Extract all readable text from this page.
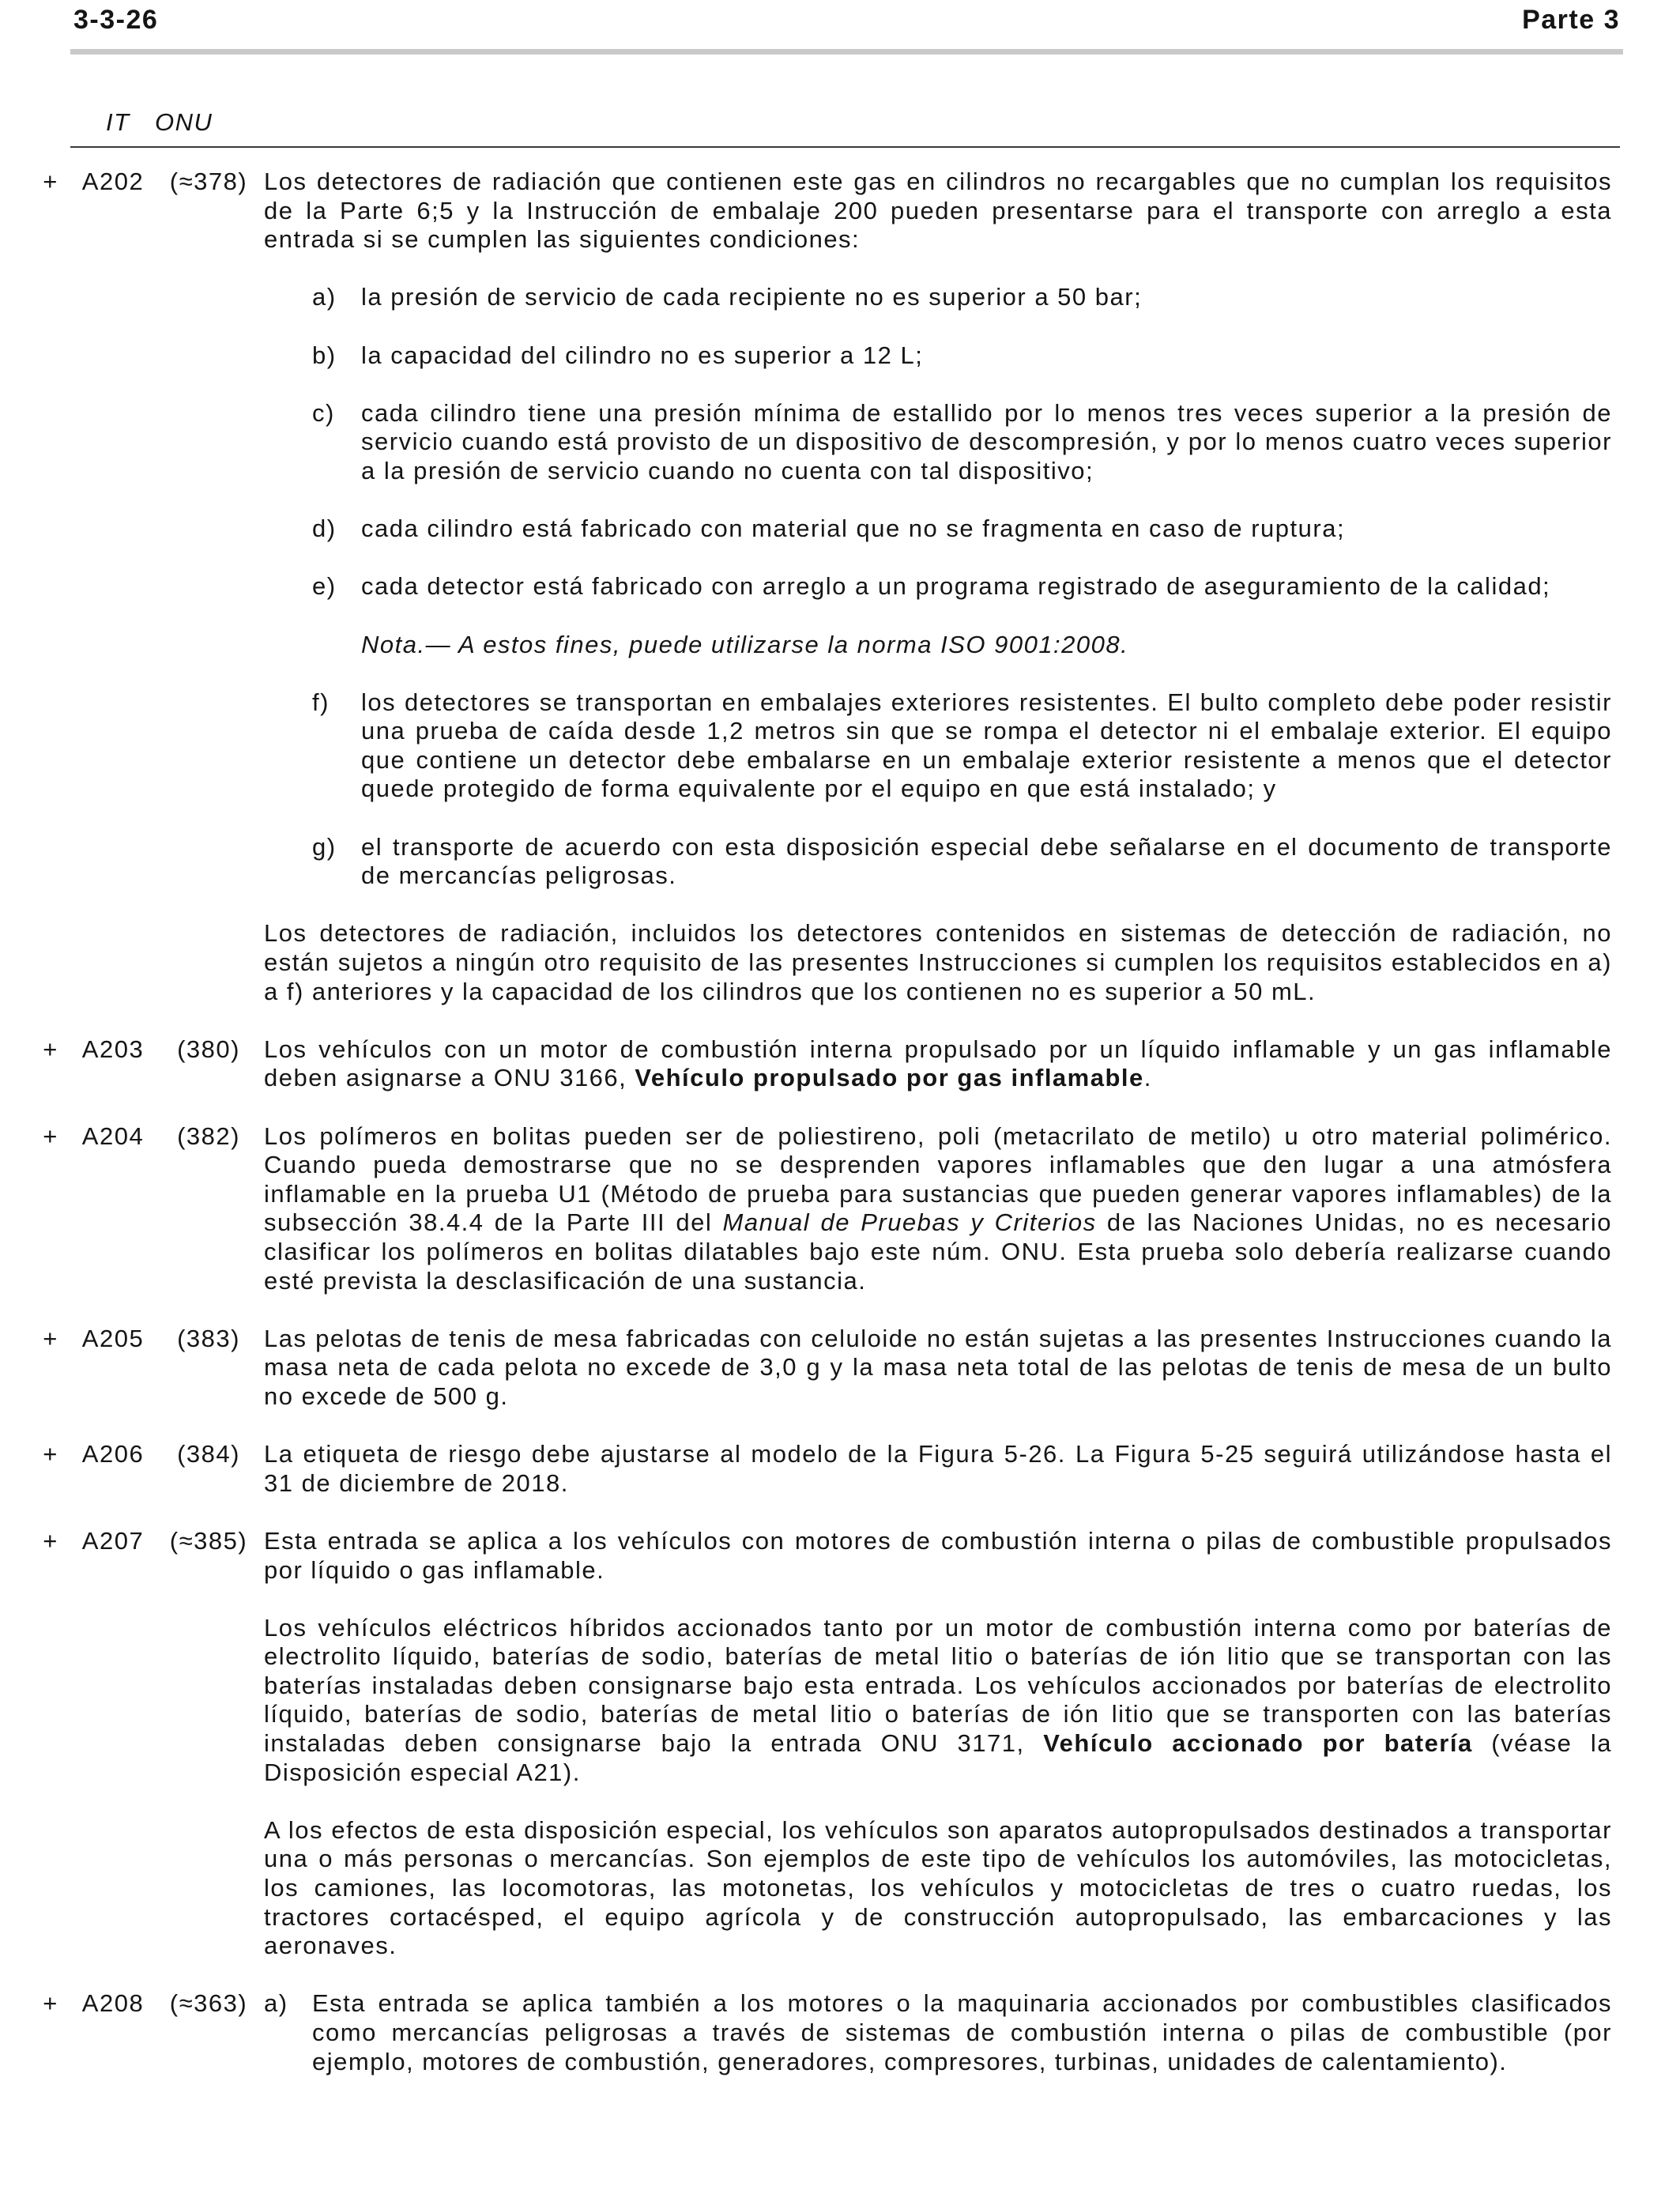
3-3-26	Parte 3
IT ONU
+ A202 (≈378) Los detectores de radiación que contienen este gas en cilindros no recargables que no cumplan los requisitos de la Parte 6;5 y la Instrucción de embalaje 200 pueden presentarse para el transporte con arreglo a esta entrada si se cumplen las siguientes condiciones:

a) la presión de servicio de cada recipiente no es superior a 50 bar;

b) la capacidad del cilindro no es superior a 12 L;

c) cada cilindro tiene una presión mínima de estallido por lo menos tres veces superior a la presión de servicio cuando está provisto de un dispositivo de descompresión, y por lo menos cuatro veces superior a la presión de servicio cuando no cuenta con tal dispositivo;

d) cada cilindro está fabricado con material que no se fragmenta en caso de ruptura;

e) cada detector está fabricado con arreglo a un programa registrado de aseguramiento de la calidad;

Nota.— A estos fines, puede utilizarse la norma ISO 9001:2008.

f) los detectores se transportan en embalajes exteriores resistentes. El bulto completo debe poder resistir una prueba de caída desde 1,2 metros sin que se rompa el detector ni el embalaje exterior. El equipo que contiene un detector debe embalarse en un embalaje exterior resistente a menos que el detector quede protegido de forma equivalente por el equipo en que está instalado; y

g) el transporte de acuerdo con esta disposición especial debe señalarse en el documento de transporte de mercancías peligrosas.

Los detectores de radiación, incluidos los detectores contenidos en sistemas de detección de radiación, no están sujetos a ningún otro requisito de las presentes Instrucciones si cumplen los requisitos establecidos en a) a f) anteriores y la capacidad de los cilindros que los contienen no es superior a 50 mL.

+ A203	(380) Los vehículos con un motor de combustión interna propulsado por un líquido inflamable y un gas inflamable deben asignarse a ONU 3166, Vehículo propulsado por gas inflamable.

+ A204	(382) Los polímeros en bolitas pueden ser de poliestireno, poli (metacrilato de metilo) u otro material polimérico. Cuando pueda demostrarse que no se desprenden vapores inflamables que den lugar a una atmósfera inflamable en la prueba U1 (Método de prueba para sustancias que pueden generar vapores inflamables) de la subsección 38.4.4 de la Parte III del Manual de Pruebas y Criterios de las Naciones Unidas, no es necesario clasificar los polímeros en bolitas dilatables bajo este núm. ONU. Esta prueba solo debería realizarse cuando esté prevista la desclasificación de una sustancia.

+ A205	(383) Las pelotas de tenis de mesa fabricadas con celuloide no están sujetas a las presentes Instrucciones cuando la masa neta de cada pelota no excede de 3,0 g y la masa neta total de las pelotas de tenis de mesa de un bulto no excede de 500 g.

+ A206	(384) La etiqueta de riesgo debe ajustarse al modelo de la Figura 5-26. La Figura 5-25 seguirá utilizándose hasta el 31 de diciembre de 2018.

+ A207 (≈385) Esta entrada se aplica a los vehículos con motores de combustión interna o pilas de combustible propulsados por líquido o gas inflamable.

Los vehículos eléctricos híbridos accionados tanto por un motor de combustión interna como por baterías de electrolito líquido, baterías de sodio, baterías de metal litio o baterías de ión litio que se transportan con las baterías instaladas deben consignarse bajo esta entrada. Los vehículos accionados por baterías de electrolito líquido, baterías de sodio, baterías de metal litio o baterías de ión litio que se transporten con las baterías instaladas deben consignarse bajo la entrada ONU 3171, Vehículo accionado por batería (véase la Disposición especial A21).

A los efectos de esta disposición especial, los vehículos son aparatos autopropulsados destinados a transportar una o más personas o mercancías. Son ejemplos de este tipo de vehículos los automóviles, las motocicletas, los camiones, las locomotoras, las motonetas, los vehículos y motocicletas de tres o cuatro ruedas, los tractores cortacésped, el equipo agrícola y de construcción autopropulsado, las embarcaciones y las aeronaves.

+ A208 (≈363) a) Esta entrada se aplica también a los motores o la maquinaria accionados por combustibles clasificados como mercancías peligrosas a través de sistemas de combustión interna o pilas de combustible (por ejemplo, motores de combustión, generadores, compresores, turbinas, unidades de calentamiento).
